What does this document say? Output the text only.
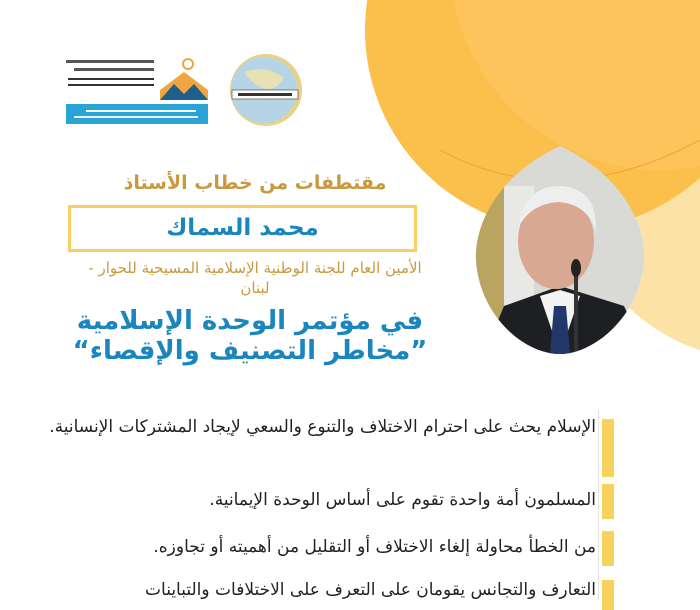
مقتطفات من خطاب الأستاذ
محمد السماك
الأمين العام للجنة الوطنية الإسلامية المسيحية للحوار -
لبنان
في مؤتمر الوحدة الإسلامية
”مخاطر التصنيف والإقصاء“
الإسلام يحث على احترام الاختلاف والتنوع والسعي لإيجاد المشتركات الإنسانية.
المسلمون أمة واحدة تقوم على أساس الوحدة الإيمانية.
من الخطأ محاولة إلغاء الاختلاف أو التقليل من أهميته أو تجاوزه.
التعارف والتجانس يقومان على التعرف على الاختلافات والتباينات
